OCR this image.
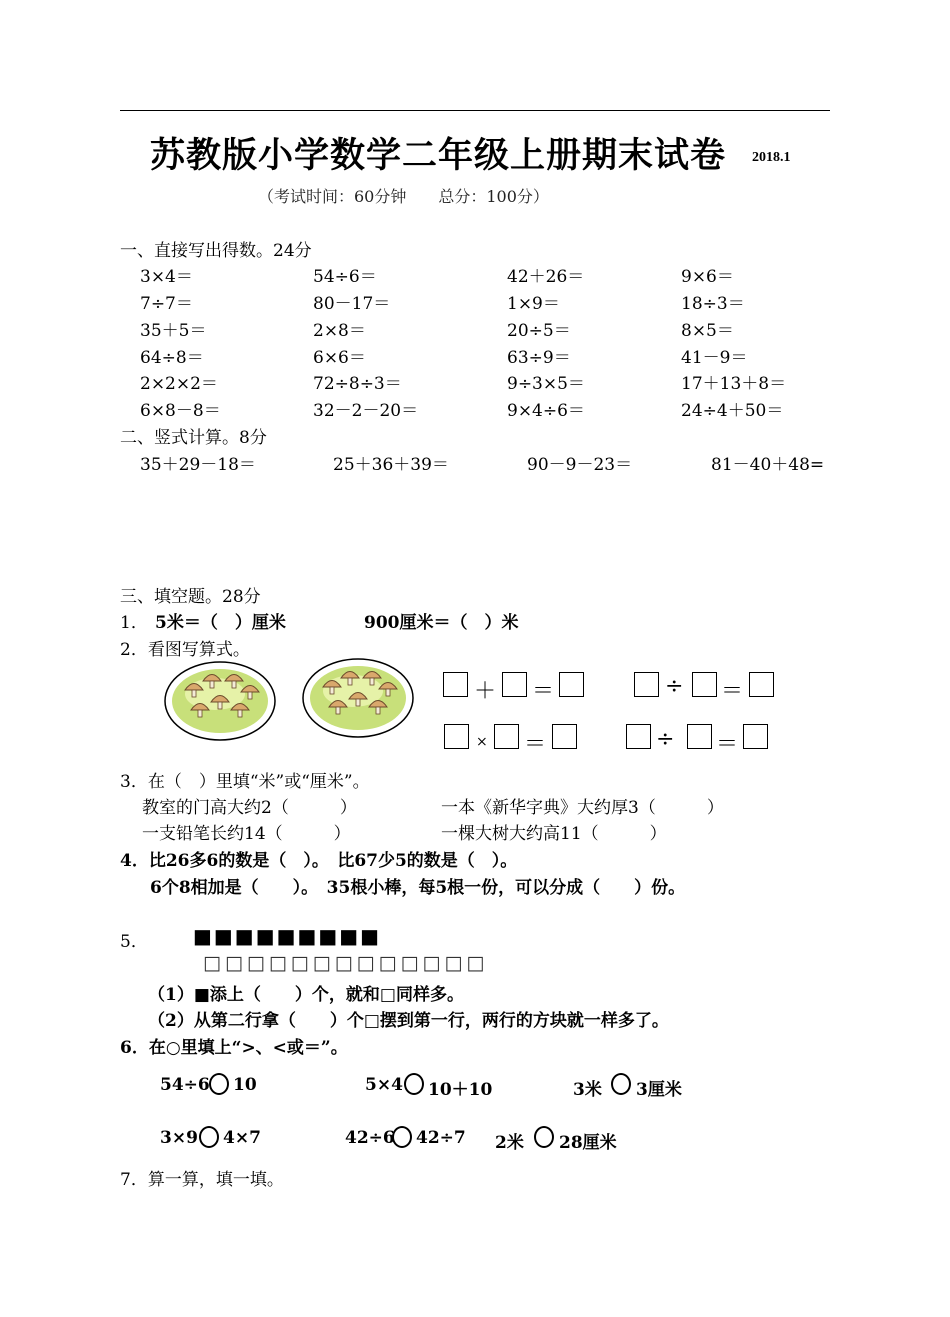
苏教版小学数学二年级上册期末试卷 2018.1
（考试时间：60分钟　　总分：100分）
一、直接写出得数。24分
3×4＝	54÷6＝	42＋26＝	9×6＝
7÷7＝	80－17＝	1×9＝	18÷3＝
35＋5＝	2×8＝	20÷5＝	8×5＝
64÷8＝	6×6＝	63÷9＝	41－9＝
2×2×2＝	72÷8÷3＝	9÷3×5＝	17＋13＋8＝
6×8－8＝	32－2－20＝	9×4÷6＝	24÷4＋50＝
二、竖式计算。8分
35＋29－18＝	25＋36＋39＝	90－9－23＝	81－40＋48=
三、填空题。28分
1． 5米＝（　）厘米	900厘米＝（　）米
2．看图写算式。
＋ ＝	÷ ＝
× ＝	÷ ＝
3．在（　）里填“米”或“厘米”。
教室的门高大约2（　　　）	一本《新华字典》大约厚3（　　　）
一支铅笔长约14（　　　）	一棵大树大约高11（　　　）
4．比26多6的数是（　）。　比67少5的数是（　）。
6个8相加是（　　）。　35根小棒，每5根一份，可以分成（　　）份。
5． ■■■■■■■■■
□□□□□□□□□□□□□
（1）■添上（　　）个，就和□同样多。
（2）从第二行拿（　　）个□摆到第一行，两行的方块就一样多了。
6．在○里填上“>、<或＝”。
54÷6 10	5×4 10＋10	3米 3厘米
3×9 4×7	42÷6 42÷7 2米 28厘米
7．算一算，填一填。
